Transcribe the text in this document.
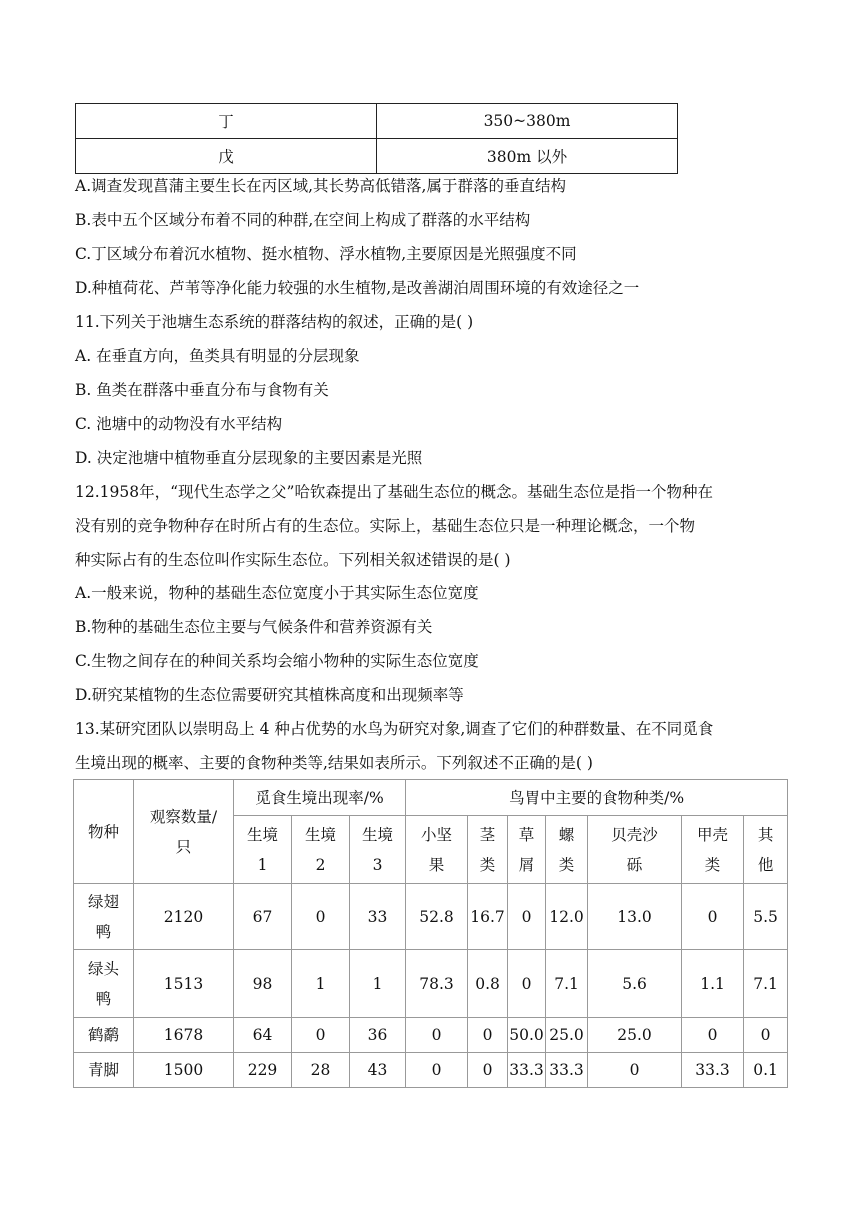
丁	350~380m
戊	380m 以外
A.调查发现菖蒲主要生长在丙区域,其长势高低错落,属于群落的垂直结构
B.表中五个区域分布着不同的种群,在空间上构成了群落的水平结构
C.丁区域分布着沉水植物、挺水植物、浮水植物,主要原因是光照强度不同
D.种植荷花、芦苇等净化能力较强的水生植物,是改善湖泊周围环境的有效途径之一
11.下列关于池塘生态系统的群落结构的叙述，正确的是( )
A. 在垂直方向，鱼类具有明显的分层现象
B. 鱼类在群落中垂直分布与食物有关
C. 池塘中的动物没有水平结构
D. 决定池塘中植物垂直分层现象的主要因素是光照
12.1958年，“现代生态学之父”哈钦森提出了基础生态位的概念。基础生态位是指一个物种在
没有别的竞争物种存在时所占有的生态位。实际上，基础生态位只是一种理论概念，一个物
种实际占有的生态位叫作实际生态位。下列相关叙述错误的是( )
A.一般来说，物种的基础生态位宽度小于其实际生态位宽度
B.物种的基础生态位主要与气候条件和营养资源有关
C.生物之间存在的种间关系均会缩小物种的实际生态位宽度
D.研究某植物的生态位需要研究其植株高度和出现频率等
13.某研究团队以崇明岛上 4 种占优势的水鸟为研究对象,调查了它们的种群数量、在不同觅食
生境出现的概率、主要的食物种类等,结果如表所示。下列叙述不正确的是( )
物种	观察数量/只	觅食生境出现率/%			鸟胃中主要的食物种类/%						
		生境1	生境2	生境3	小坚果	茎类	草屑	螺类	贝壳沙砾	甲壳类	其他
绿翅鸭	2120	67	0	33	52.8	16.7	0	12.0	13.0	0	5.5
绿头鸭	1513	98	1	1	78.3	0.8	0	7.1	5.6	1.1	7.1
鹤鹬	1678	64	0	36	0	0	50.0	25.0	25.0	0	0
青脚	1500	229	28	43	0	0	33.3	33.3	0	33.3	0.1
